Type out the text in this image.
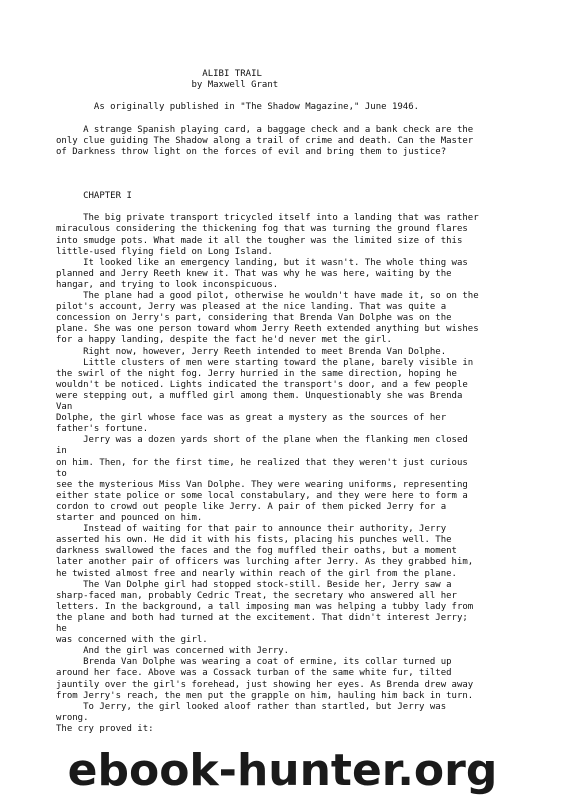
ALIBI TRAIL
by Maxwell Grant
As originally published in "The Shadow Magazine," June 1946.
A strange Spanish playing card, a baggage check and a bank check are the
only clue guiding The Shadow along a trail of crime and death. Can the Master
of Darkness throw light on the forces of evil and bring them to justice?
CHAPTER I
The big private transport tricycled itself into a landing that was rather
miraculous considering the thickening fog that was turning the ground flares
into smudge pots. What made it all the tougher was the limited size of this
little-used flying field on Long Island.
It looked like an emergency landing, but it wasn't. The whole thing was
planned and Jerry Reeth knew it. That was why he was here, waiting by the
hangar, and trying to look inconspicuous.
The plane had a good pilot, otherwise he wouldn't have made it, so on the
pilot's account, Jerry was pleased at the nice landing. That was quite a
concession on Jerry's part, considering that Brenda Van Dolphe was on the
plane. She was one person toward whom Jerry Reeth extended anything but wishes
for a happy landing, despite the fact he'd never met the girl.
Right now, however, Jerry Reeth intended to meet Brenda Van Dolphe.
Little clusters of men were starting toward the plane, barely visible in
the swirl of the night fog. Jerry hurried in the same direction, hoping he
wouldn't be noticed. Lights indicated the transport's door, and a few people
were stepping out, a muffled girl among them. Unquestionably she was Brenda
Van
Dolphe, the girl whose face was as great a mystery as the sources of her
father's fortune.
Jerry was a dozen yards short of the plane when the flanking men closed
in
on him. Then, for the first time, he realized that they weren't just curious
to
see the mysterious Miss Van Dolphe. They were wearing uniforms, representing
either state police or some local constabulary, and they were here to form a
cordon to crowd out people like Jerry. A pair of them picked Jerry for a
starter and pounced on him.
Instead of waiting for that pair to announce their authority, Jerry
asserted his own. He did it with his fists, placing his punches well. The
darkness swallowed the faces and the fog muffled their oaths, but a moment
later another pair of officers was lurching after Jerry. As they grabbed him,
he twisted almost free and nearly within reach of the girl from the plane.
The Van Dolphe girl had stopped stock-still. Beside her, Jerry saw a
sharp-faced man, probably Cedric Treat, the secretary who answered all her
letters. In the background, a tall imposing man was helping a tubby lady from
the plane and both had turned at the excitement. That didn't interest Jerry;
he
was concerned with the girl.
And the girl was concerned with Jerry.
Brenda Van Dolphe was wearing a coat of ermine, its collar turned up
around her face. Above was a Cossack turban of the same white fur, tilted
jauntily over the girl's forehead, just showing her eyes. As Brenda drew away
from Jerry's reach, the men put the grapple on him, hauling him back in turn.
To Jerry, the girl looked aloof rather than startled, but Jerry was
wrong.
The cry proved it:
ebook-hunter.org
